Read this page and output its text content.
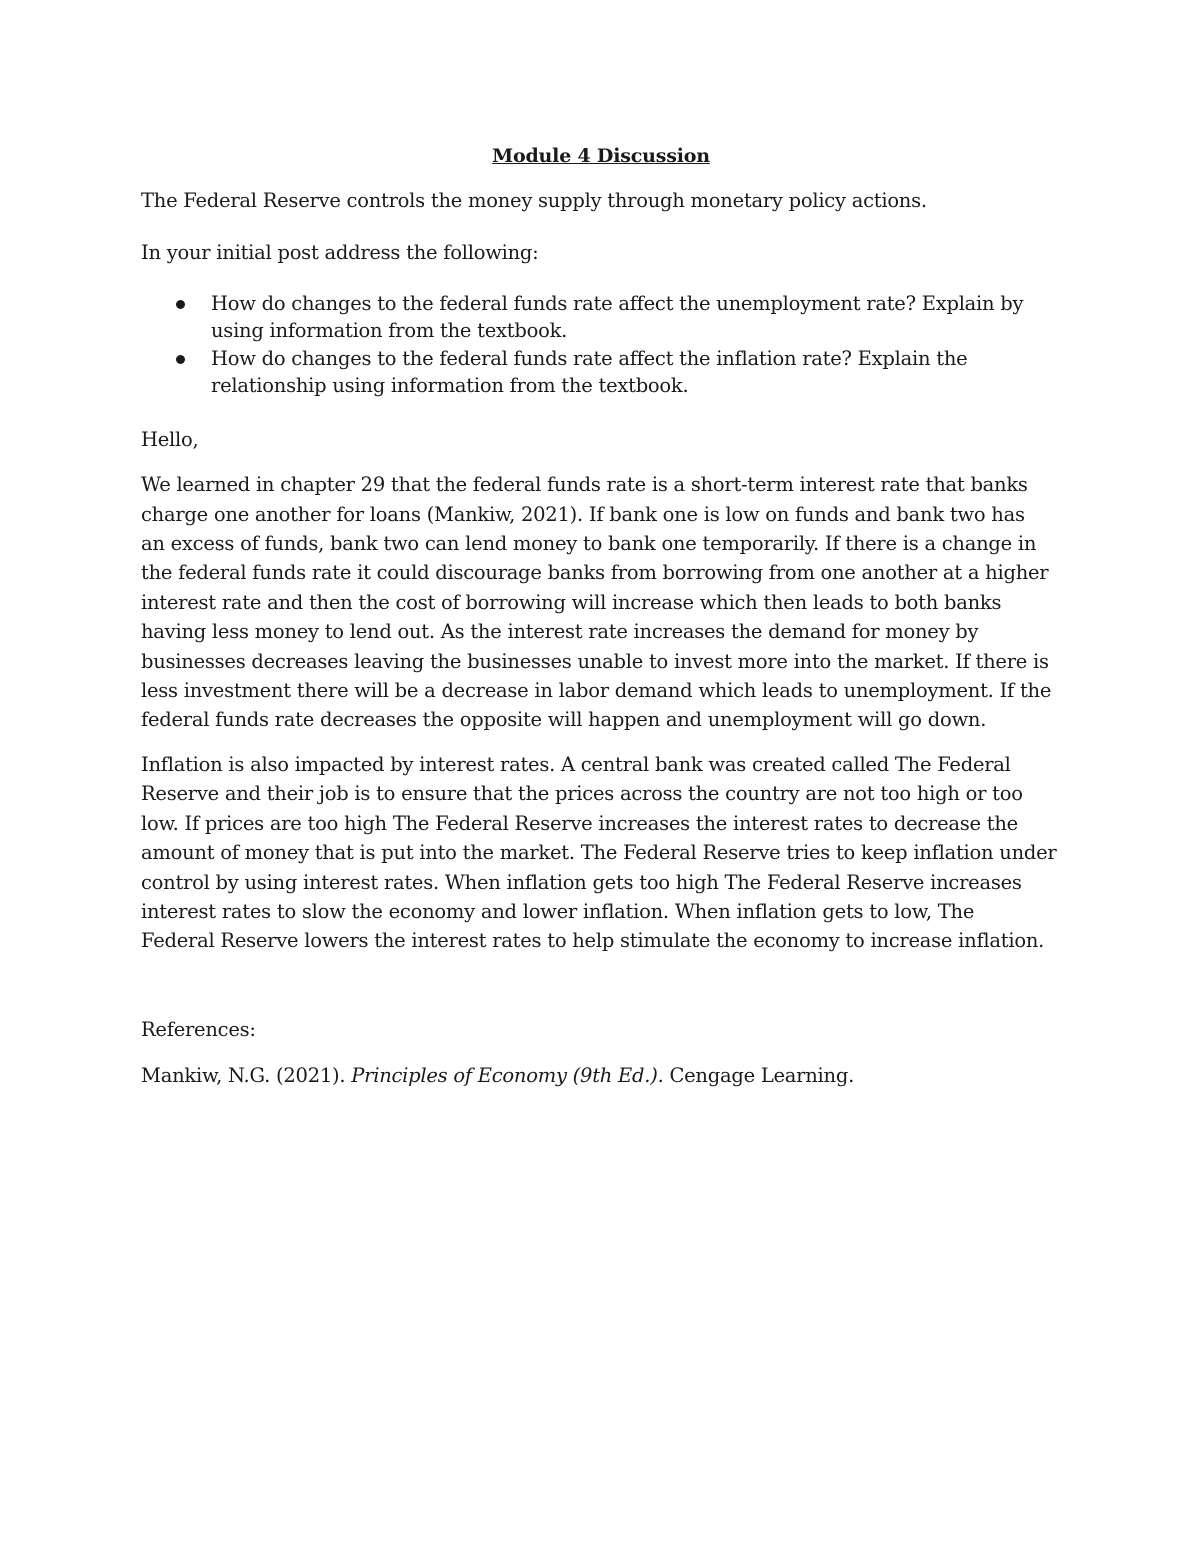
Module 4 Discussion

The Federal Reserve controls the money supply through monetary policy actions.

In your initial post address the following:

How do changes to the federal funds rate affect the unemployment rate? Explain by
using information from the textbook.
How do changes to the federal funds rate affect the inflation rate? Explain the
relationship using information from the textbook.

Hello,

We learned in chapter 29 that the federal funds rate is a short-term interest rate that banks
charge one another for loans (Mankiw, 2021). If bank one is low on funds and bank two has
an excess of funds, bank two can lend money to bank one temporarily. If there is a change in
the federal funds rate it could discourage banks from borrowing from one another at a higher
interest rate and then the cost of borrowing will increase which then leads to both banks
having less money to lend out. As the interest rate increases the demand for money by
businesses decreases leaving the businesses unable to invest more into the market. If there is
less investment there will be a decrease in labor demand which leads to unemployment. If the
federal funds rate decreases the opposite will happen and unemployment will go down.

Inflation is also impacted by interest rates. A central bank was created called The Federal
Reserve and their job is to ensure that the prices across the country are not too high or too
low. If prices are too high The Federal Reserve increases the interest rates to decrease the
amount of money that is put into the market. The Federal Reserve tries to keep inflation under
control by using interest rates. When inflation gets too high The Federal Reserve increases
interest rates to slow the economy and lower inflation. When inflation gets to low, The
Federal Reserve lowers the interest rates to help stimulate the economy to increase inflation.

References:

Mankiw, N.G. (2021). Principles of Economy (9th Ed.). Cengage Learning.
